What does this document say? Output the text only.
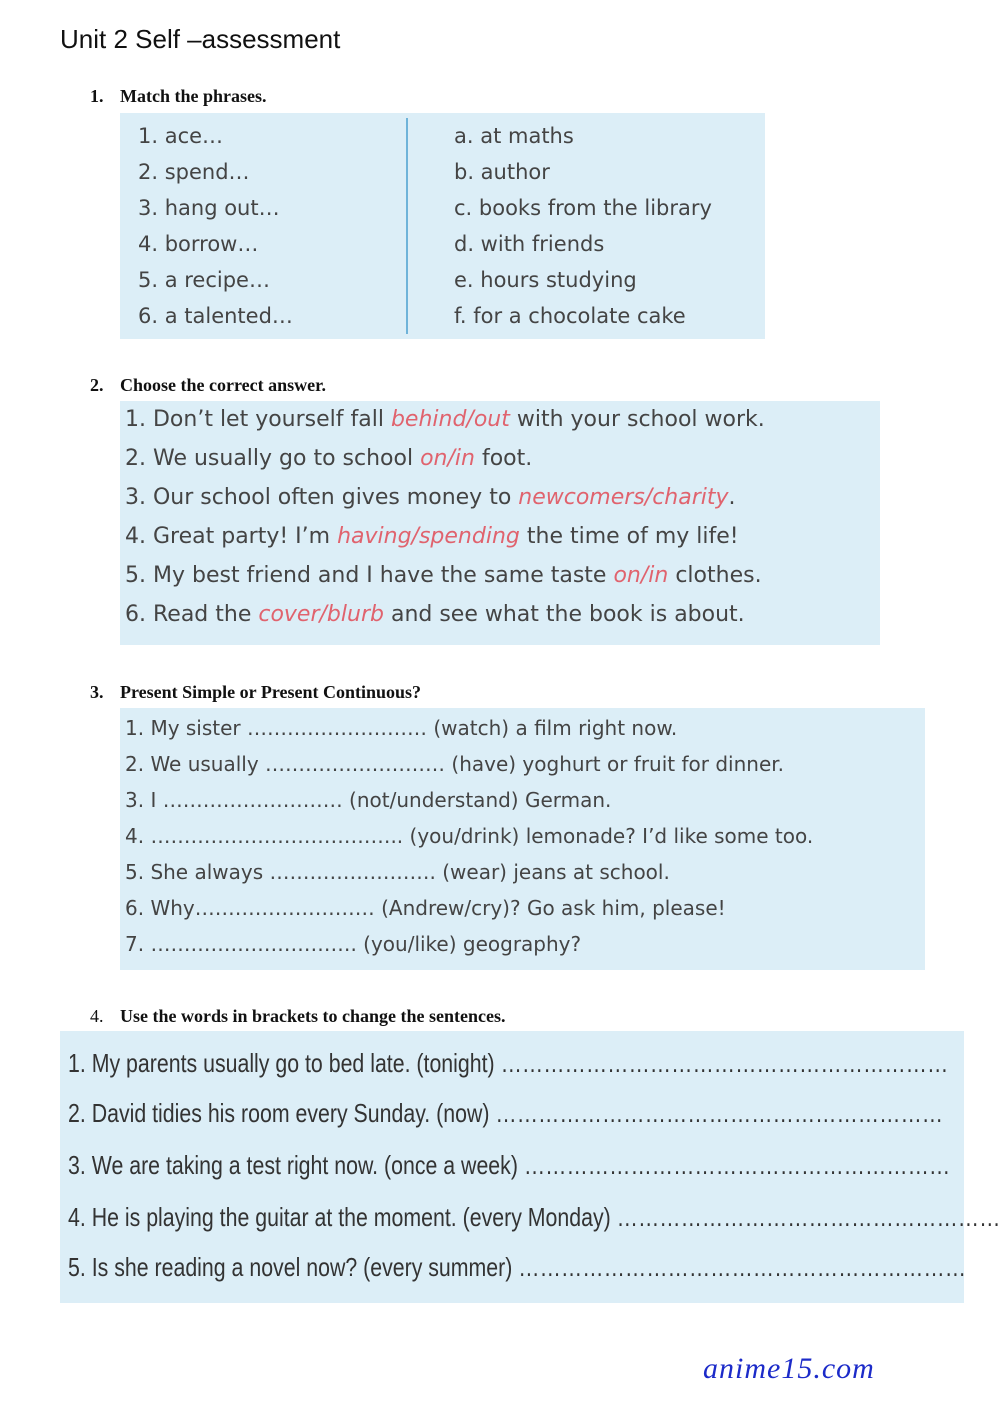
Unit 2 Self –assessment
1. Match the phrases.
1. ace…
2. spend…
3. hang out…
4. borrow…
5. a recipe…
6. a talented…
a. at maths
b. author
c. books from the library
d. with friends
e. hours studying
f. for a chocolate cake
2. Choose the correct answer.
1. Don’t let yourself fall behind/out with your school work.
2. We usually go to school on/in foot.
3. Our school often gives money to newcomers/charity.
4. Great party! I’m having/spending the time of my life!
5. My best friend and I have the same taste on/in clothes.
6. Read the cover/blurb and see what the book is about.
3. Present Simple or Present Continuous?
1. My sister ……………………… (watch) a film right now.
2. We usually ……………………… (have) yoghurt or fruit for dinner.
3. I ……………………… (not/understand) German.
4. ……………………………….. (you/drink) lemonade? I’d like some too.
5. She always ……………………. (wear) jeans at school.
6. Why……………………… (Andrew/cry)? Go ask him, please!
7. …………………………. (you/like) geography?
4. Use the words in brackets to change the sentences.
1. My parents usually go to bed late. (tonight) ………………………………………………………
2. David tidies his room every Sunday. (now) ………………………………………………………
3. We are taking a test right now. (once a week) ……………………………………………………
4. He is playing the guitar at the moment. (every Monday) ………………………………………………
5. Is she reading a novel now? (every summer) ………………………………………………………
anime15.com
